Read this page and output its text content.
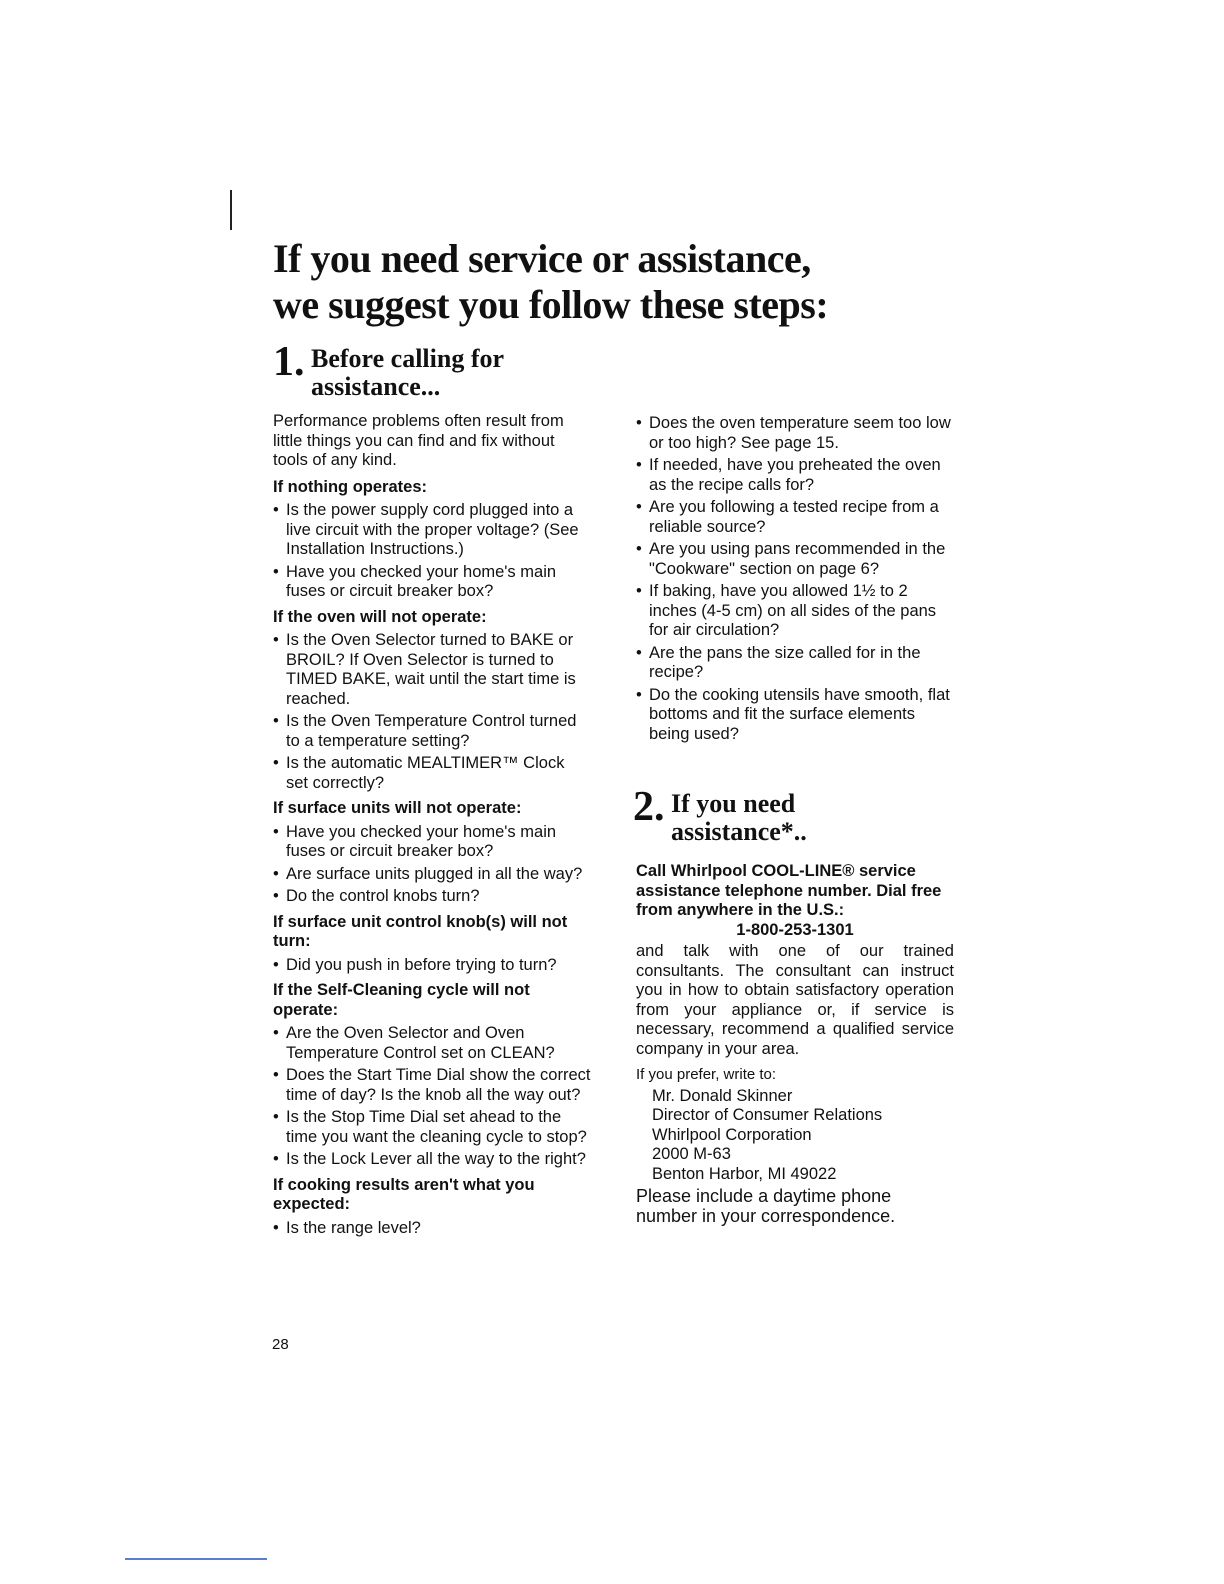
If you need service or assistance,
we suggest you follow these steps:
1. Before calling for
assistance...

Performance problems often result from little things you can find and fix without tools of any kind.

If nothing operates:

• Is the power supply cord plugged into a live circuit with the proper voltage? (See Installation Instructions.)
• Have you checked your home's main fuses or circuit breaker box?

If the oven will not operate:

• Is the Oven Selector turned to BAKE or BROIL? If Oven Selector is turned to TIMED BAKE, wait until the start time is reached.
• Is the Oven Temperature Control turned to a temperature setting?
• Is the automatic MEALTIMER™ Clock set correctly?

If surface units will not operate:

• Have you checked your home's main fuses or circuit breaker box?
• Are surface units plugged in all the way?
• Do the control knobs turn?

If surface unit control knob(s) will not turn:

• Did you push in before trying to turn?

If the Self-Cleaning cycle will not operate:

• Are the Oven Selector and Oven Temperature Control set on CLEAN?
• Does the Start Time Dial show the correct time of day? Is the knob all the way out?
• Is the Stop Time Dial set ahead to the time you want the cleaning cycle to stop?
• Is the Lock Lever all the way to the right?

If cooking results aren't what you expected:

• Is the range level?
• Does the oven temperature seem too low or too high? See page 15.
• If needed, have you preheated the oven as the recipe calls for?
• Are you following a tested recipe from a reliable source?
• Are you using pans recommended in the "Cookware" section on page 6?
• If baking, have you allowed 1½ to 2 inches (4-5 cm) on all sides of the pans for air circulation?
• Are the pans the size called for in the recipe?
• Do the cooking utensils have smooth, flat bottoms and fit the surface elements being used?
2. If you need
assistance*..

Call Whirlpool COOL-LINE® service assistance telephone number. Dial free from anywhere in the U.S.:

1-800-253-1301

and talk with one of our trained consultants. The consultant can instruct you in how to obtain satisfactory operation from your appliance or, if service is necessary, recommend a qualified service company in your area.

If you prefer, write to:

Mr. Donald Skinner
Director of Consumer Relations
Whirlpool Corporation
2000 M-63
Benton Harbor, MI 49022

Please include a daytime phone number in your correspondence.

28
